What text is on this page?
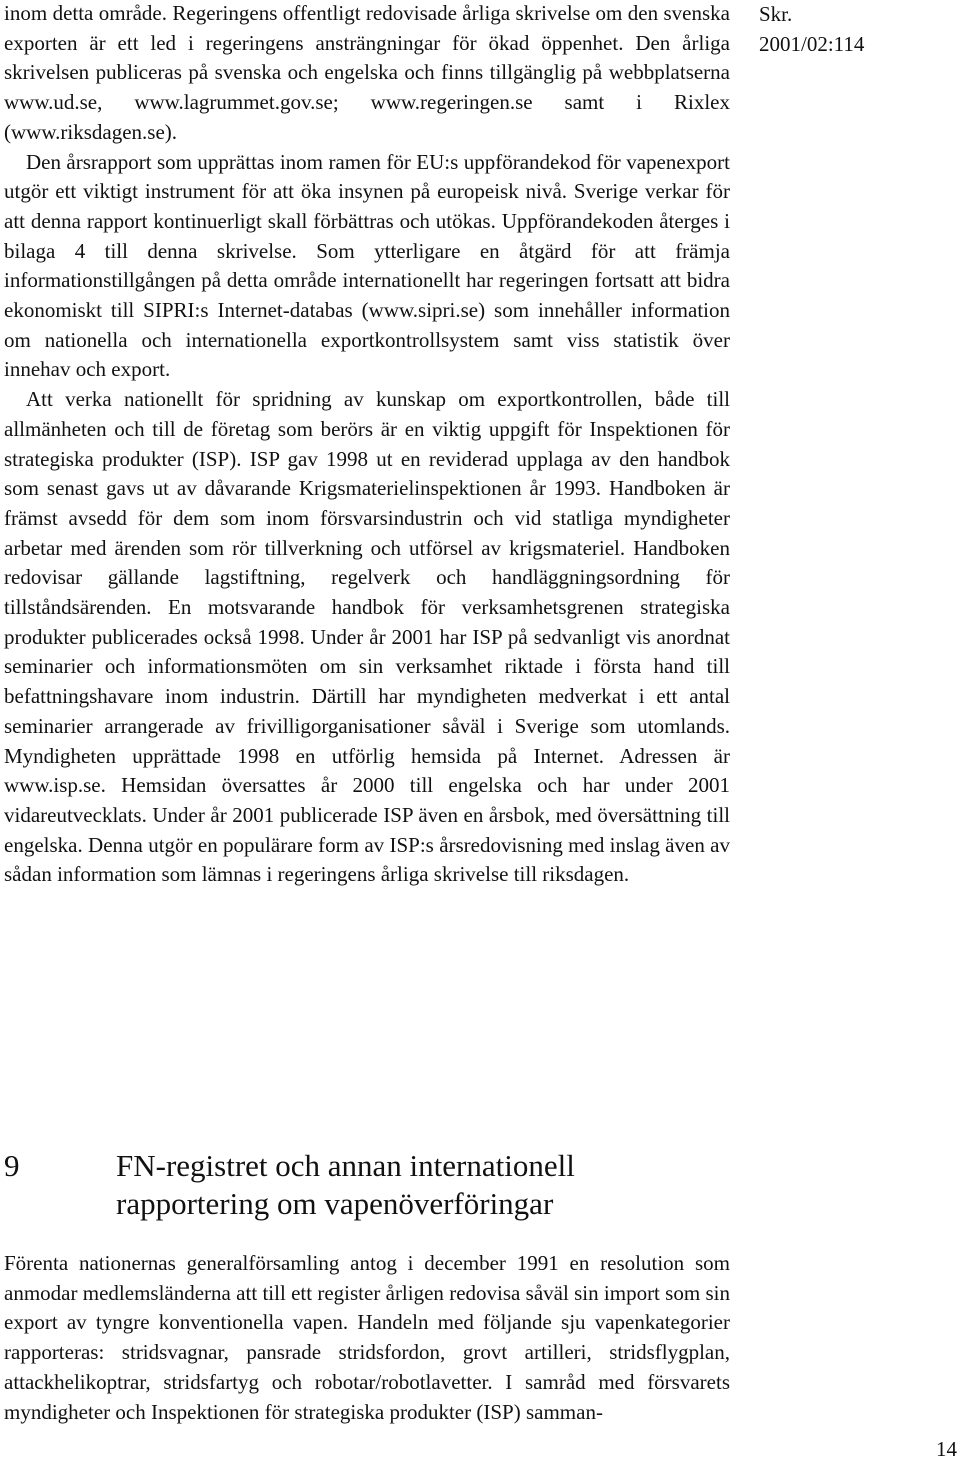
inom detta område. Regeringens offentligt redovisade årliga skrivelse om den svenska exporten är ett led i regeringens ansträngningar för ökad öppenhet. Den årliga skrivelsen publiceras på svenska och engelska och finns tillgänglig på webbplatserna www.ud.se, www.lagrummet.gov.se; www.regeringen.se samt i Rixlex (www.riksdagen.se).

Den årsrapport som upprättas inom ramen för EU:s uppförandekod för vapenexport utgör ett viktigt instrument för att öka insynen på europeisk nivå. Sverige verkar för att denna rapport kontinuerligt skall förbättras och utökas. Uppförandekoden återges i bilaga 4 till denna skrivelse. Som ytterligare en åtgärd för att främja informationstillgången på detta område internationellt har regeringen fortsatt att bidra ekonomiskt till SIPRI:s Internet-databas (www.sipri.se) som innehåller information om nationella och internationella exportkontrollsystem samt viss statistik över innehav och export.

Att verka nationellt för spridning av kunskap om exportkontrollen, både till allmänheten och till de företag som berörs är en viktig uppgift för Inspektionen för strategiska produkter (ISP). ISP gav 1998 ut en reviderad upplaga av den handbok som senast gavs ut av dåvarande Krigsmaterielinspektionen år 1993. Handboken är främst avsedd för dem som inom försvarsindustrin och vid statliga myndigheter arbetar med ärenden som rör tillverkning och utförsel av krigsmateriel. Handboken redovisar gällande lagstiftning, regelverk och handläggningsordning för tillståndsärenden. En motsvarande handbok för verksamhetsgrenen strategiska produkter publicerades också 1998. Under år 2001 har ISP på sedvanligt vis anordnat seminarier och informationsmöten om sin verksamhet riktade i första hand till befattningshavare inom industrin. Därtill har myndigheten medverkat i ett antal seminarier arrangerade av frivilligorganisationer såväl i Sverige som utomlands. Myndigheten upprättade 1998 en utförlig hemsida på Internet. Adressen är www.isp.se. Hemsidan översattes år 2000 till engelska och har under 2001 vidareutvecklats. Under år 2001 publicerade ISP även en årsbok, med översättning till engelska. Denna utgör en populärare form av ISP:s årsredovisning med inslag även av sådan information som lämnas i regeringens årliga skrivelse till riksdagen.

Skr.
2001/02:114
9	FN-registret och annan internationell rapportering om vapenöverföringar

Förenta nationernas generalförsamling antog i december 1991 en resolution som anmodar medlemsländerna att till ett register årligen redovisa såväl sin import som sin export av tyngre konventionella vapen. Handeln med följande sju vapenkategorier rapporteras: stridsvagnar, pansrade stridsfordon, grovt artilleri, stridsflygplan, attackhelikoptrar, stridsfartyg och robotar/robotlavetter. I samråd med försvarets myndigheter och Inspektionen för strategiska produkter (ISP) samman-

14
